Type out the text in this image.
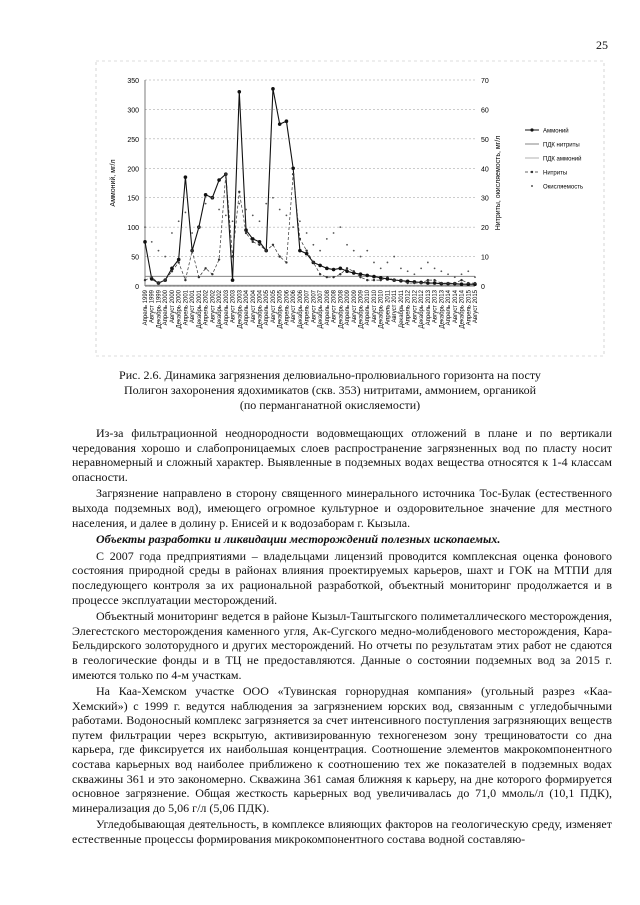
25
0
50
100
150
200
250
300
350
0
10
20
30
40
50
60
70
Аммоний, мг/л	Нитриты, окисляемость, мг/л
Апрель 1999 Август 1999 Декабрь 1999 Апрель 2000 Август 2000 Декабрь 2000 Апрель 2001 Август 2001 Декабрь 2001 Апрель 2002 Август 2002 Декабрь 2002 Апрель 2003 Август 2003 Декабрь 2003 Апрель 2004 Август 2004 Декабрь 2004 Апрель 2005 Август 2005 Декабрь 2005 Апрель 2006 Август 2006 Декабрь 2006 Апрель 2007 Август 2007 Декабрь 2007 Апрель 2008 Август 2008 Декабрь 2008 Апрель 2009 Август 2009 Декабрь 2009 Апрель 2010 Август 2010 Декабрь 2010 Апрель 2011 Август 2011 Декабрь 2011 Апрель 2012 Август 2012 Декабрь 2012 Апрель 2013 Август 2013 Декабрь 2013 Апрель 2014 Август 2014 Декабрь 2014 Апрель 2015 Август 2015
Аммоний
ПДК нитриты
ПДК аммоний
Нитриты
Окисляемость
Рис. 2.6. Динамика загрязнения делювиально-пролювиального горизонта на посту
Полигон захоронения ядохимикатов (скв. 353) нитритами, аммонием, органикой
(по перманганатной окисляемости)

Из-за фильтрационной неоднородности водовмещающих отложений в плане и по вертикали чередования хорошо и слабопроницаемых слоев распространение загрязненных вод по пласту носит неравномерный и сложный характер. Выявленные в подземных водах вещества относятся к 1-4 классам опасности.

Загрязнение направлено в сторону священного минерального источника Тос-Булак (естественного выхода подземных вод), имеющего огромное культурное и оздоровительное значение для местного населения, и далее в долину р. Енисей и к водозаборам г. Кызыла.

Объекты разработки и ликвидации месторождений полезных ископаемых.

С 2007 года предприятиями – владельцами лицензий проводится комплексная оценка фонового состояния природной среды в районах влияния проектируемых карьеров, шахт и ГОК на МТПИ для последующего контроля за их рациональной разработкой, объектный мониторинг продолжается и в процессе эксплуатации месторождений.

Объектный мониторинг ведется в районе Кызыл-Таштыгского полиметаллического месторождения, Элегестского месторождения каменного угля, Ак-Сугского медно-молибденового месторождения, Кара-Бельдирского золоторудного и других месторождений. Но отчеты по результатам этих работ не сдаются в геологические фонды и в ТЦ не предоставляются. Данные о состоянии подземных вод за 2015 г. имеются только по 4-м участкам.

На Каа-Хемском участке ООО «Тувинская горнорудная компания» (угольный разрез «Каа-Хемский») с 1999 г. ведутся наблюдения за загрязнением юрских вод, связанным с угледобычными работами. Водоносный комплекс загрязняется за счет интенсивного поступления загрязняющих веществ путем фильтрации через вскрытую, активизированную техногенезом зону трещиноватости со дна карьера, где фиксируется их наибольшая концентрация. Соотношение элементов макрокомпонентного состава карьерных вод наиболее приближено к соотношению тех же показателей в подземных водах скважины 361 и это закономерно. Скважина 361 самая ближняя к карьеру, на дне которого формируется основное загрязнение. Общая жесткость карьерных вод увеличивалась до 71,0 ммоль/л (10,1 ПДК), минерализация до 5,06 г/л (5,06 ПДК).

Угледобывающая деятельность, в комплексе влияющих факторов на геологическую среду, изменяет естественные процессы формирования микрокомпонентного состава водной составляю-
